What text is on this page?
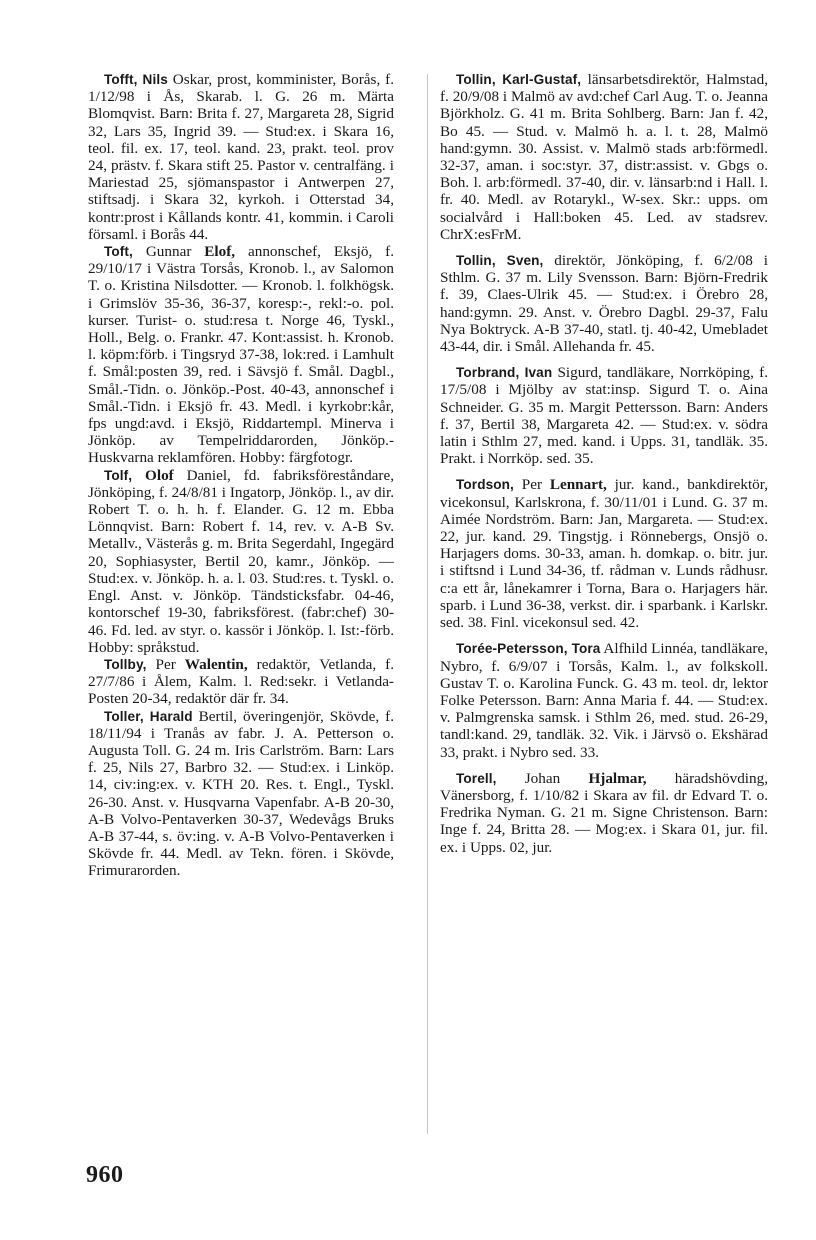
Tofft, Nils Oskar, prost, komminister, Borås, f. 1/12/98 i Ås, Skarab. l. G. 26 m. Märta Blomqvist. Barn: Brita f. 27, Margareta 28, Sigrid 32, Lars 35, Ingrid 39. — Stud:ex. i Skara 16, teol. fil. ex. 17, teol. kand. 23, prakt. teol. prov 24, prästv. f. Skara stift 25. Pastor v. centralfäng. i Mariestad 25, sjömanspastor i Antwerpen 27, stiftsadj. i Skara 32, kyrkoh. i Otterstad 34, kontr:prost i Kållands kontr. 41, kommin. i Caroli församl. i Borås 44.

Toft, Gunnar Elof, annonschef, Eksjö, f. 29/10/17 i Västra Torsås, Kronob. l., av Salomon T. o. Kristina Nilsdotter. — Kronob. l. folkhögsk. i Grimslöv 35-36, 36-37, koresp:-, rekl:-o. pol. kurser. Turist- o. stud:resa t. Norge 46, Tyskl., Holl., Belg. o. Frankr. 47. Kont:assist. h. Kronob. l. köpm:förb. i Tingsryd 37-38, lok:red. i Lamhult f. Smål:posten 39, red. i Sävsjö f. Smål. Dagbl., Smål.-Tidn. o. Jönköp.-Post. 40-43, annonschef i Smål.-Tidn. i Eksjö fr. 43. Medl. i kyrkobr:kår, fps ungd:avd. i Eksjö, Riddartempl. Minerva i Jönköp. av Tempelriddarorden, Jönköp.-Huskvarna reklamfören. Hobby: färgfotogr.

Tolf, Olof Daniel, fd. fabriksföreståndare, Jönköping, f. 24/8/81 i Ingatorp, Jönköp. l., av dir. Robert T. o. h. h. f. Elander. G. 12 m. Ebba Lönnqvist. Barn: Robert f. 14, rev. v. A-B Sv. Metallv., Västerås g. m. Brita Segerdahl, Ingegärd 20, Sophiasyster, Bertil 20, kamr., Jönköp. — Stud:ex. v. Jönköp. h. a. l. 03. Stud:res. t. Tyskl. o. Engl. Anst. v. Jönköp. Tändsticksfabr. 04-46, kontorschef 19-30, fabriksförest. (fabr:chef) 30-46. Fd. led. av styr. o. kassör i Jönköp. l. Ist:-förb. Hobby: språkstud.

Tollby, Per Walentin, redaktör, Vetlanda, f. 27/7/86 i Ålem, Kalm. l. Red:sekr. i Vetlanda-Posten 20-34, redaktör där fr. 34.

Toller, Harald Bertil, överingenjör, Skövde, f. 18/11/94 i Tranås av fabr. J. A. Petterson o. Augusta Toll. G. 24 m. Iris Carlström. Barn: Lars f. 25, Nils 27, Barbro 32. — Stud:ex. i Linköp. 14, civ:ing:ex. v. KTH 20. Res. t. Engl., Tyskl. 26-30. Anst. v. Husqvarna Vapenfabr. A-B 20-30, A-B Volvo-Pentaverken 30-37, Wedevågs Bruks A-B 37-44, s. öv:ing. v. A-B Volvo-Pentaverken i Skövde fr. 44. Medl. av Tekn. fören. i Skövde, Frimurarorden.

Tollin, Karl-Gustaf, länsarbetsdirektör, Halmstad, f. 20/9/08 i Malmö av avd:chef Carl Aug. T. o. Jeanna Björkholz. G. 41 m. Brita Sohlberg. Barn: Jan f. 42, Bo 45. — Stud. v. Malmö h. a. l. t. 28, Malmö hand:gymn. 30. Assist. v. Malmö stads arb:förmedl. 32-37, aman. i soc:styr. 37, distr:assist. v. Gbgs o. Boh. l. arb:förmedl. 37-40, dir. v. länsarb:nd i Hall. l. fr. 40. Medl. av Rotarykl., W-sex. Skr.: upps. om socialvård i Hall:boken 45. Led. av stadsrev. ChrX:esFrM.

Tollin, Sven, direktör, Jönköping, f. 6/2/08 i Sthlm. G. 37 m. Lily Svensson. Barn: Björn-Fredrik f. 39, Claes-Ulrik 45. — Stud:ex. i Örebro 28, hand:gymn. 29. Anst. v. Örebro Dagbl. 29-37, Falu Nya Boktryck. A-B 37-40, statl. tj. 40-42, Umebladet 43-44, dir. i Smål. Allehanda fr. 45.

Torbrand, Ivan Sigurd, tandläkare, Norrköping, f. 17/5/08 i Mjölby av stat:insp. Sigurd T. o. Aina Schneider. G. 35 m. Margit Pettersson. Barn: Anders f. 37, Bertil 38, Margareta 42. — Stud:ex. v. södra latin i Sthlm 27, med. kand. i Upps. 31, tandläk. 35. Prakt. i Norrköp. sed. 35.

Tordson, Per Lennart, jur. kand., bankdirektör, vicekonsul, Karlskrona, f. 30/11/01 i Lund. G. 37 m. Aimée Nordström. Barn: Jan, Margareta. — Stud:ex. 22, jur. kand. 29. Tingstjg. i Rönnebergs, Onsjö o. Harjagers doms. 30-33, aman. h. domkap. o. bitr. jur. i stiftsnd i Lund 34-36, tf. rådman v. Lunds rådhusr. c:a ett år, lånekamrer i Torna, Bara o. Harjagers här. sparb. i Lund 36-38, verkst. dir. i sparbank. i Karlskr. sed. 38. Finl. vicekonsul sed. 42.

Torée-Petersson, Tora Alfhild Linnéa, tandläkare, Nybro, f. 6/9/07 i Torsås, Kalm. l., av folkskoll. Gustav T. o. Karolina Funck. G. 43 m. teol. dr, lektor Folke Petersson. Barn: Anna Maria f. 44. — Stud:ex. v. Palmgrenska samsk. i Sthlm 26, med. stud. 26-29, tandl:kand. 29, tandläk. 32. Vik. i Järvsö o. Ekshärad 33, prakt. i Nybro sed. 33.

Torell, Johan Hjalmar, häradshövding, Vänersborg, f. 1/10/82 i Skara av fil. dr Edvard T. o. Fredrika Nyman. G. 21 m. Signe Christenson. Barn: Inge f. 24, Britta 28. — Mog:ex. i Skara 01, jur. fil. ex. i Upps. 02, jur.

960
